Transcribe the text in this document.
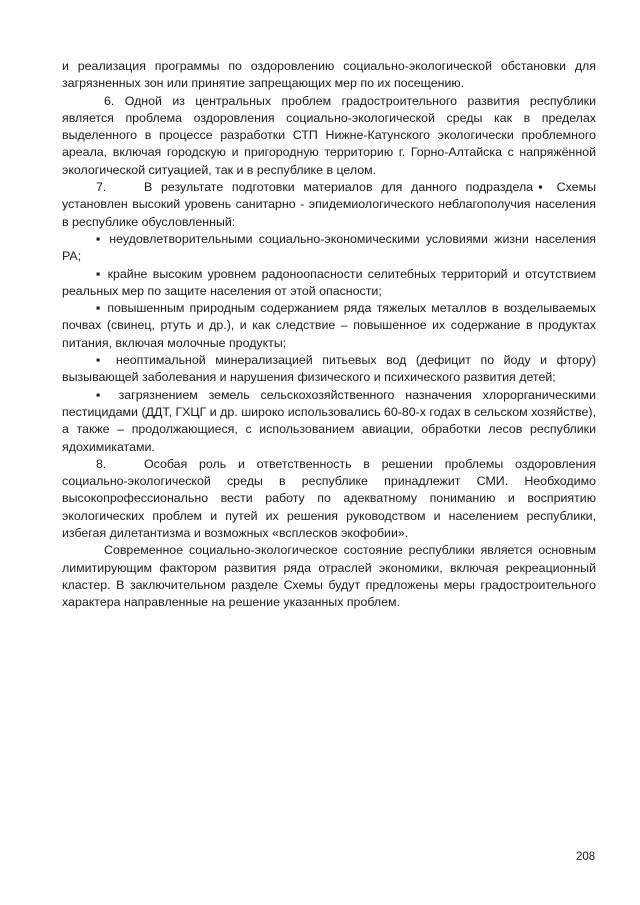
и реализация программы по оздоровлению социально-экологической обстановки для загрязненных зон или принятие запрещающих мер по их посещению.

6. Одной из центральных проблем градостроительного развития республики является проблема оздоровления социально-экологической среды как в пределах выделенного в процессе разработки СТП Нижне-Катунского экологически проблемного ареала, включая городскую и пригородную территорию г. Горно-Алтайска с напряжённой экологической ситуацией, так и в республике в целом.

7.	В результате подготовки материалов для данного подраздела▪ Схемы установлен высокий уровень санитарно - эпидемиологического неблагополучия населения в республике обусловленный:

▪ неудовлетворительными социально-экономическими условиями жизни населения РА;

▪ крайне высоким уровнем радоноопасности селитебных территорий и отсутствием реальных мер по защите населения от этой опасности;

▪ повышенным природным содержанием ряда тяжелых металлов в возделываемых почвах (свинец, ртуть и др.), и как следствие – повышенное их содержание в продуктах питания, включая молочные продукты;

▪ неоптимальной минерализацией питьевых вод (дефицит по йоду и фтору) вызывающей заболевания и нарушения физического и психического развития детей;

▪ загрязнением земель сельскохозяйственного назначения хлорорганическими пестицидами (ДДТ, ГХЦГ и др. широко использовались 60-80-х годах в сельском хозяйстве), а также – продолжающиеся, с использованием авиации, обработки лесов республики ядохимикатами.

8.	Особая роль и ответственность в решении проблемы оздоровления социально-экологической среды в республике принадлежит СМИ. Необходимо высокопрофессионально вести работу по адекватному пониманию и восприятию экологических проблем и путей их решения руководством и населением республики, избегая дилетантизма и возможных «всплесков экофобии».

Современное социально-экологическое состояние республики является основным лимитирующим фактором развития ряда отраслей экономики, включая рекреационный кластер. В заключительном разделе Схемы будут предложены меры градостроительного характера направленные на решение указанных проблем.

208
